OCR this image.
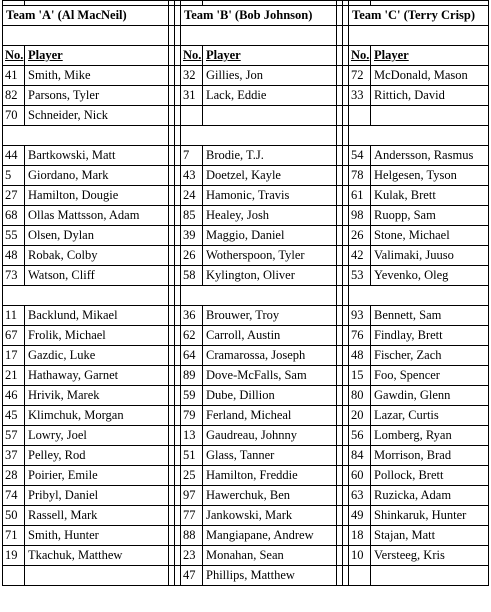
Team 'A' (Al MacNeil)				Team 'B' (Bob Johnson)				Team 'C' (Terry Crisp)	

No.	Player			No.	Player			No.	Player
41	Smith, Mike			32	Gillies, Jon			72	McDonald, Mason
82	Parsons, Tyler			31	Lack, Eddie			33	Rittich, David
70	Schneider, Nick								

44	Bartkowski, Matt			7	Brodie, T.J.			54	Andersson, Rasmus
5	Giordano, Mark			43	Doetzel, Kayle			78	Helgesen, Tyson
27	Hamilton, Dougie			24	Hamonic, Travis			61	Kulak, Brett
68	Ollas Mattsson, Adam			85	Healey, Josh			98	Ruopp, Sam
55	Olsen, Dylan			39	Maggio, Daniel			26	Stone, Michael
48	Robak, Colby			26	Wotherspoon, Tyler			42	Valimaki, Juuso
73	Watson, Cliff			58	Kylington, Oliver			53	Yevenko, Oleg

11	Backlund, Mikael			36	Brouwer, Troy			93	Bennett, Sam
67	Frolik, Michael			62	Carroll, Austin			76	Findlay, Brett
17	Gazdic, Luke			64	Cramarossa, Joseph			48	Fischer, Zach
21	Hathaway, Garnet			89	Dove-McFalls, Sam			15	Foo, Spencer
46	Hrivik, Marek			59	Dube, Dillion			80	Gawdin, Glenn
45	Klimchuk, Morgan			79	Ferland, Micheal			20	Lazar, Curtis
57	Lowry, Joel			13	Gaudreau, Johnny			56	Lomberg, Ryan
37	Pelley, Rod			51	Glass, Tanner			84	Morrison, Brad
28	Poirier, Emile			25	Hamilton, Freddie			60	Pollock, Brett
74	Pribyl, Daniel			97	Hawerchuk, Ben			63	Ruzicka, Adam
50	Rassell, Mark			77	Jankowski, Mark			49	Shinkaruk, Hunter
71	Smith, Hunter			88	Mangiapane, Andrew			18	Stajan, Matt
19	Tkachuk, Matthew			23	Monahan, Sean			10	Versteeg, Kris
				47	Phillips, Matthew				
